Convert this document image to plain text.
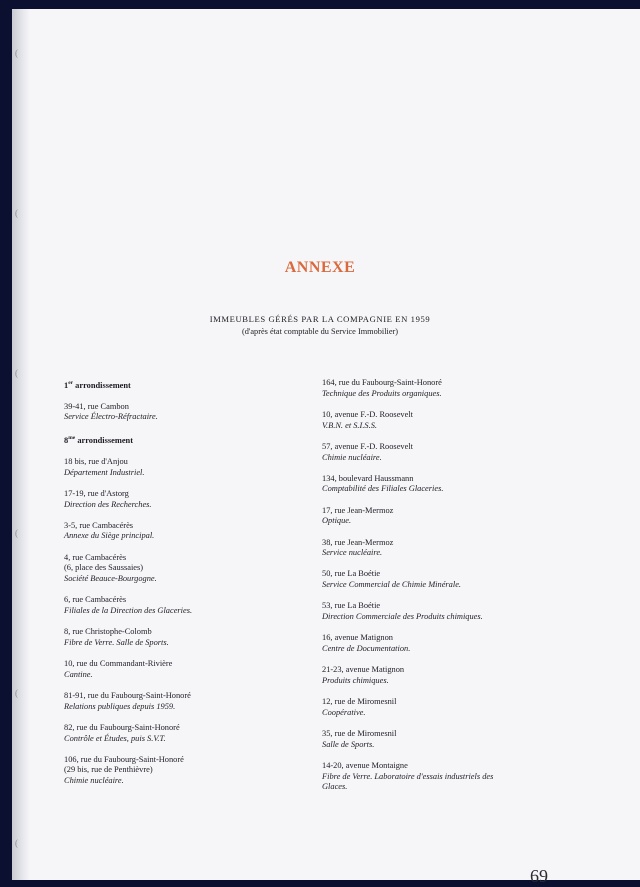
(
(
(
(
(
(
ANNEXE

IMMEUBLES GÉRÉS PAR LA COMPAGNIE EN 1959

(d'après état comptable du Service Immobilier)

1er arrondissement
39-41, rue Cambon
Service Électro-Réfractaire.
$8^{me}$ arrondissement
18 bis, rue d'Anjou
Département Industriel.
17-19, rue d'Astorg
Direction des Recherches.
3-5, rue Cambacérès
Annexe du Siège principal.
4, rue Cambacérès
(6, place des Saussaies)
Société Beauce-Bourgogne.
6, rue Cambacérès
Filiales de la Direction des Glaceries.
8, rue Christophe-Colomb
Fibre de Verre. Salle de Sports.
10, rue du Commandant-Rivière
Cantine.
81-91, rue du Faubourg-Saint-Honoré
Relations publiques depuis 1959.
82, rue du Faubourg-Saint-Honoré
Contrôle et Études, puis S.V.T.
106, rue du Faubourg-Saint-Honoré
(29 bis, rue de Penthièvre)
Chimie nucléaire.
164, rue du Faubourg-Saint-Honoré
Technique des Produits organiques.
10, avenue F.-D. Roosevelt
V.B.N. et S.I.S.S.
57, avenue F.-D. Roosevelt
Chimie nucléaire.
134, boulevard Haussmann
Comptabilité des Filiales Glaceries.
17, rue Jean-Mermoz
Optique.
38, rue Jean-Mermoz
Service nucléaire.
50, rue La Boétie
Service Commercial de Chimie Minérale.
53, rue La Boétie
Direction Commerciale des Produits chimiques.
16, avenue Matignon
Centre de Documentation.
21-23, avenue Matignon
Produits chimiques.
12, rue de Miromesnil
Coopérative.
35, rue de Miromesnil
Salle de Sports.
14-20, avenue Montaigne
Fibre de Verre. Laboratoire d'essais industriels des
Glaces.
69
